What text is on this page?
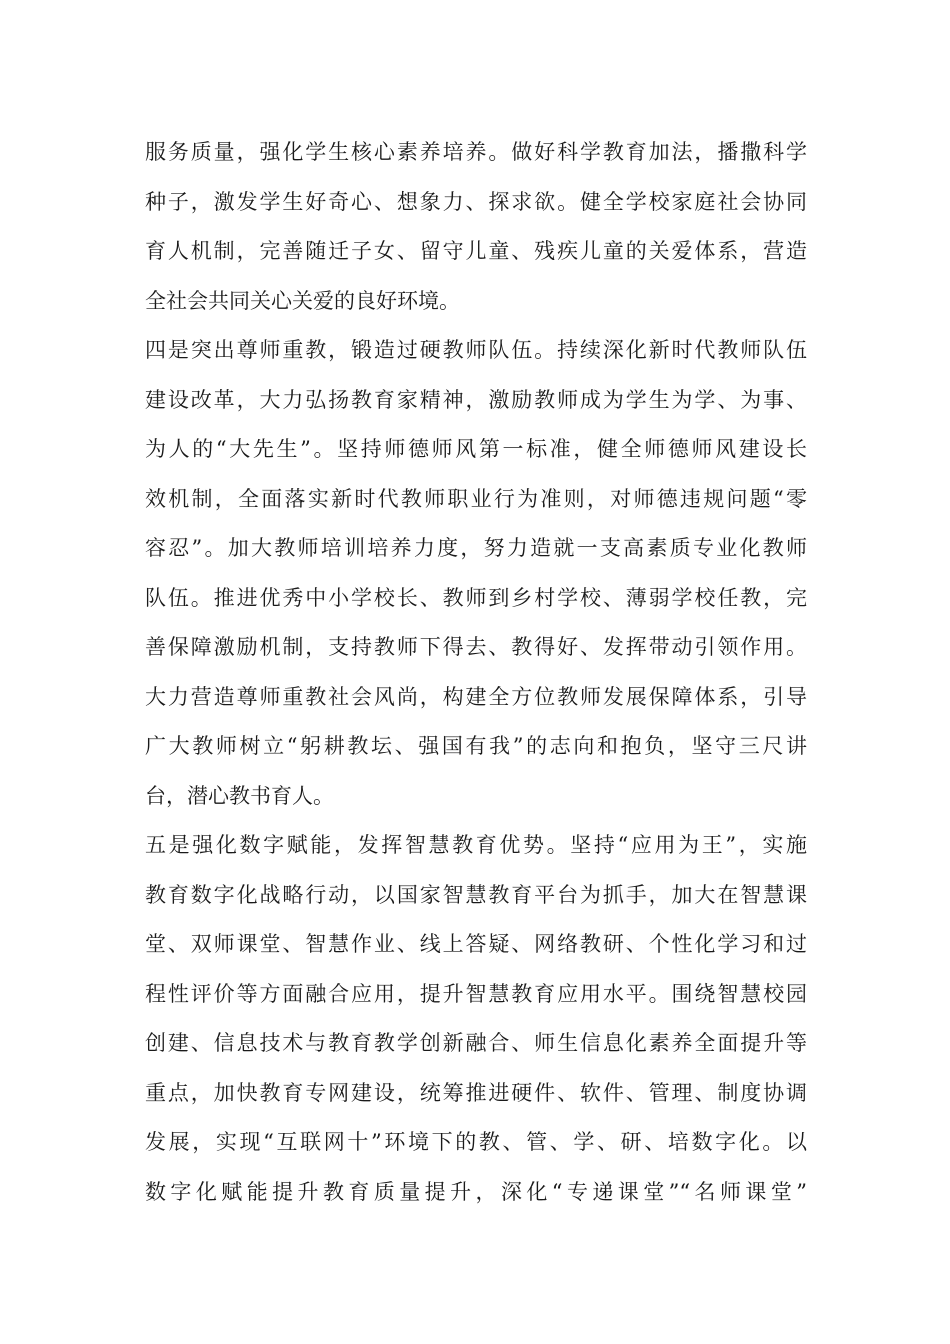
服务质量，强化学生核心素养培养。做好科学教育加法，播撒科学
种子，激发学生好奇心、想象力、探求欲。健全学校家庭社会协同
育人机制，完善随迁子女、留守儿童、残疾儿童的关爱体系，营造
全社会共同关心关爱的良好环境。
四是突出尊师重教，锻造过硬教师队伍。持续深化新时代教师队伍
建设改革，大力弘扬教育家精神，激励教师成为学生为学、为事、
为人的“大先生”。坚持师德师风第一标准，健全师德师风建设长
效机制，全面落实新时代教师职业行为准则，对师德违规问题“零
容忍”。加大教师培训培养力度，努力造就一支高素质专业化教师
队伍。推进优秀中小学校长、教师到乡村学校、薄弱学校任教，完
善保障激励机制，支持教师下得去、教得好、发挥带动引领作用。
大力营造尊师重教社会风尚，构建全方位教师发展保障体系，引导
广大教师树立“躬耕教坛、强国有我”的志向和抱负，坚守三尺讲
台，潜心教书育人。
五是强化数字赋能，发挥智慧教育优势。坚持“应用为王”，实施
教育数字化战略行动，以国家智慧教育平台为抓手，加大在智慧课
堂、双师课堂、智慧作业、线上答疑、网络教研、个性化学习和过
程性评价等方面融合应用，提升智慧教育应用水平。围绕智慧校园
创建、信息技术与教育教学创新融合、师生信息化素养全面提升等
重点，加快教育专网建设，统筹推进硬件、软件、管理、制度协调
发展，实现“互联网十”环境下的教、管、学、研、培数字化。以
数字化赋能提升教育质量提升，深化“专递课堂”“名师课堂”
